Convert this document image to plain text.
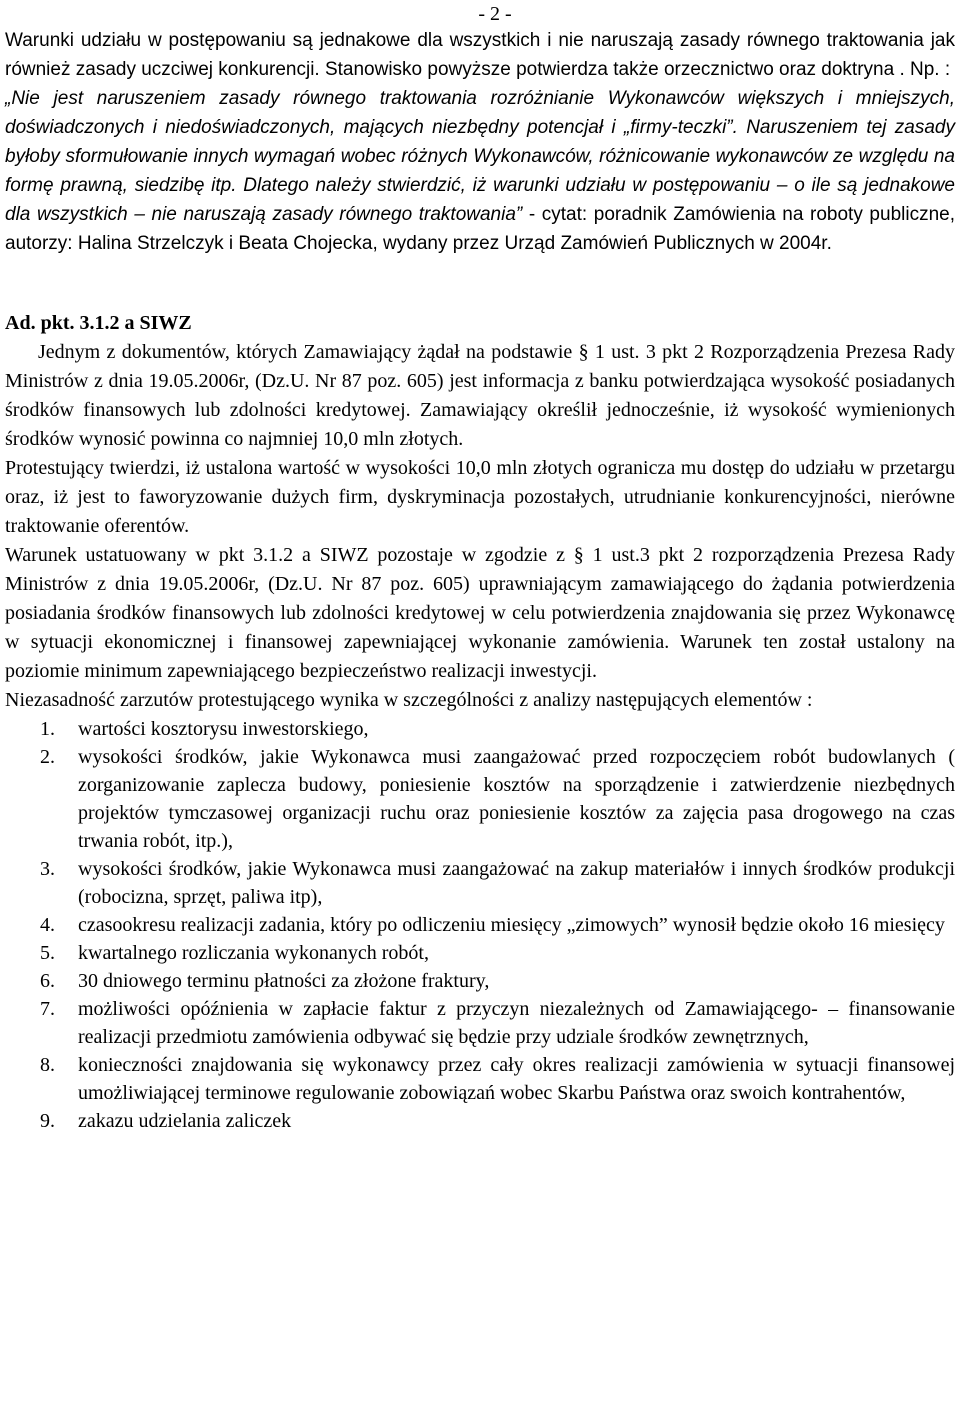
- 2 -

Warunki udziału w postępowaniu są jednakowe dla wszystkich i nie naruszają zasady równego traktowania jak również zasady uczciwej konkurencji. Stanowisko powyższe potwierdza także orzecznictwo oraz doktryna . Np. :

„Nie jest naruszeniem zasady równego traktowania rozróżnianie Wykonawców większych i mniejszych, doświadczonych i niedoświadczonych, mających niezbędny potencjał i „firmy-teczki”. Naruszeniem tej zasady byłoby sformułowanie innych wymagań wobec różnych Wykonawców, różnicowanie wykonawców ze względu na formę prawną, siedzibę itp. Dlatego należy stwierdzić, iż warunki udziału w postępowaniu – o ile są jednakowe dla wszystkich – nie naruszają zasady równego traktowania” - cytat: poradnik Zamówienia na roboty publiczne, autorzy: Halina Strzelczyk i Beata Chojecka, wydany przez Urząd Zamówień Publicznych w 2004r.

Ad. pkt. 3.1.2 a SIWZ

Jednym z dokumentów, których Zamawiający żądał na podstawie § 1 ust. 3 pkt 2 Rozporządzenia Prezesa Rady Ministrów z dnia 19.05.2006r, (Dz.U. Nr 87 poz. 605) jest informacja z banku potwierdzająca wysokość posiadanych środków finansowych lub zdolności kredytowej. Zamawiający określił jednocześnie, iż wysokość wymienionych środków wynosić powinna co najmniej 10,0 mln złotych.

Protestujący twierdzi, iż ustalona wartość w wysokości 10,0 mln złotych ogranicza mu dostęp do udziału w przetargu oraz, iż jest to faworyzowanie dużych firm, dyskryminacja pozostałych, utrudnianie konkurencyjności, nierówne traktowanie oferentów.

Warunek ustatuowany w pkt 3.1.2 a SIWZ pozostaje w zgodzie z § 1 ust.3 pkt 2 rozporządzenia Prezesa Rady Ministrów z dnia 19.05.2006r, (Dz.U. Nr 87 poz. 605) uprawniającym zamawiającego do żądania potwierdzenia posiadania środków finansowych lub zdolności kredytowej w celu potwierdzenia znajdowania się przez Wykonawcę w sytuacji ekonomicznej i finansowej zapewniającej wykonanie zamówienia. Warunek ten został ustalony na poziomie minimum zapewniającego bezpieczeństwo realizacji inwestycji.

Niezasadność zarzutów protestującego wynika w szczególności z analizy następujących elementów :

1.	wartości kosztorysu inwestorskiego,
2.	wysokości środków, jakie Wykonawca musi zaangażować przed rozpoczęciem robót budowlanych ( zorganizowanie zaplecza budowy, poniesienie kosztów na sporządzenie i zatwierdzenie niezbędnych projektów tymczasowej organizacji ruchu oraz poniesienie kosztów za zajęcia pasa drogowego na czas trwania robót, itp.),
3.	wysokości środków, jakie Wykonawca musi zaangażować na zakup materiałów i innych środków produkcji (robocizna, sprzęt, paliwa itp),
4.	czasookresu realizacji zadania, który po odliczeniu miesięcy „zimowych” wynosił będzie około 16 miesięcy
5.	kwartalnego rozliczania wykonanych robót,
6.	30 dniowego terminu płatności za złożone fraktury,
7.	możliwości opóźnienia w zapłacie faktur z przyczyn niezależnych od Zamawiającego- – finansowanie realizacji przedmiotu zamówienia odbywać się będzie przy udziale środków zewnętrznych,
8.	konieczności znajdowania się wykonawcy przez cały okres realizacji zamówienia w sytuacji finansowej umożliwiającej terminowe regulowanie zobowiązań wobec Skarbu Państwa oraz swoich kontrahentów,
9.	zakazu udzielania zaliczek
